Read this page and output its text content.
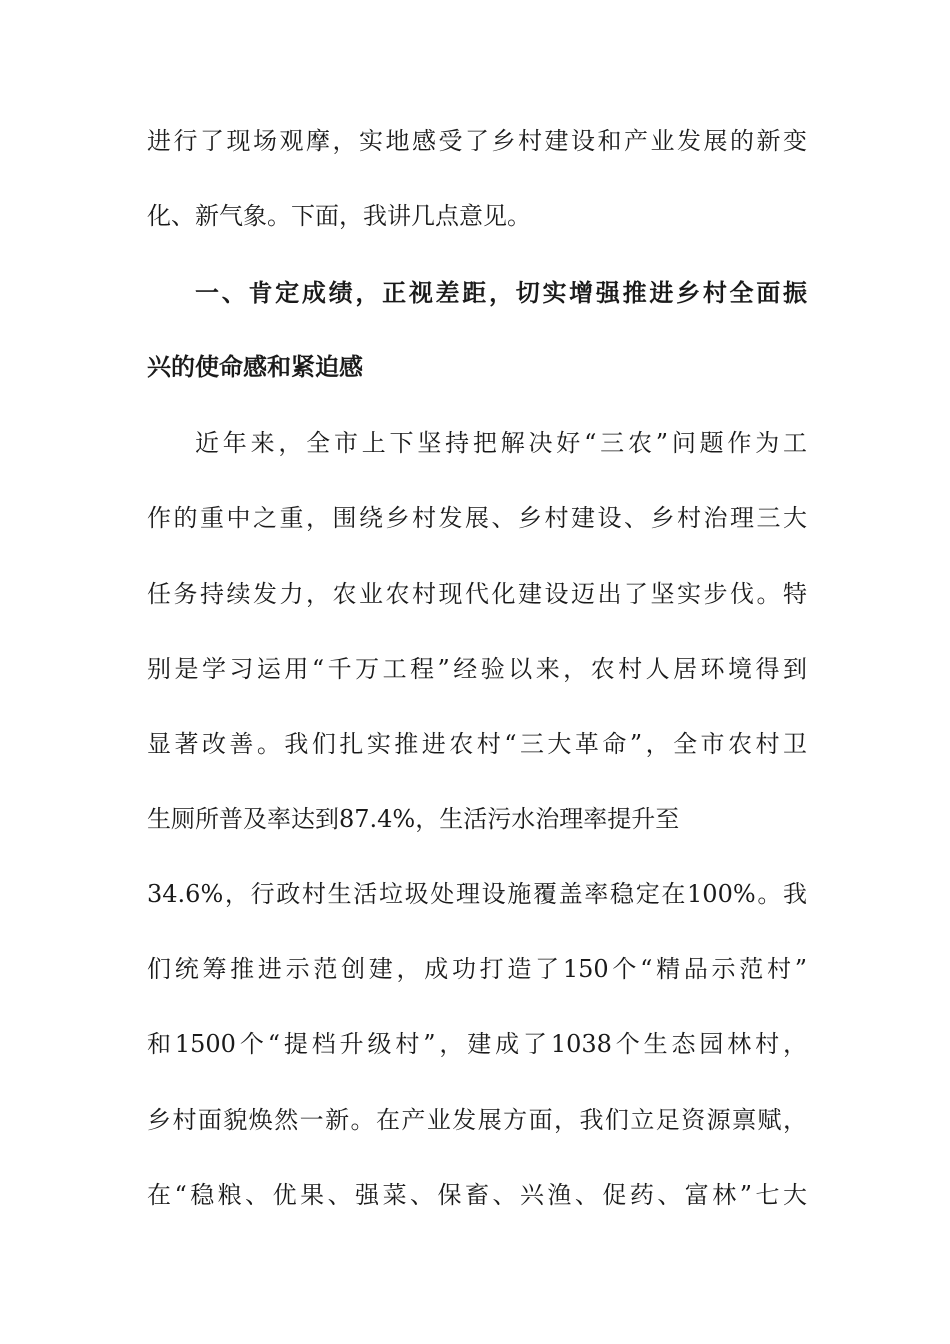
进行了现场观摩，实地感受了乡村建设和产业发展的新变
化、新气象。下面，我讲几点意见。
一、肯定成绩，正视差距，切实增强推进乡村全面振
兴的使命感和紧迫感
近年来，全市上下坚持把解决好“三农”问题作为工
作的重中之重，围绕乡村发展、乡村建设、乡村治理三大
任务持续发力，农业农村现代化建设迈出了坚实步伐。特
别是学习运用“千万工程”经验以来，农村人居环境得到
显著改善。我们扎实推进农村“三大革命”，全市农村卫
生厕所普及率达到87.4%，生活污水治理率提升至
34.6%，行政村生活垃圾处理设施覆盖率稳定在100%。我
们统筹推进示范创建，成功打造了150个“精品示范村”
和1500个“提档升级村”，建成了1038个生态园林村，
乡村面貌焕然一新。在产业发展方面，我们立足资源禀赋，
在“稳粮、优果、强菜、保畜、兴渔、促药、富林”七大
